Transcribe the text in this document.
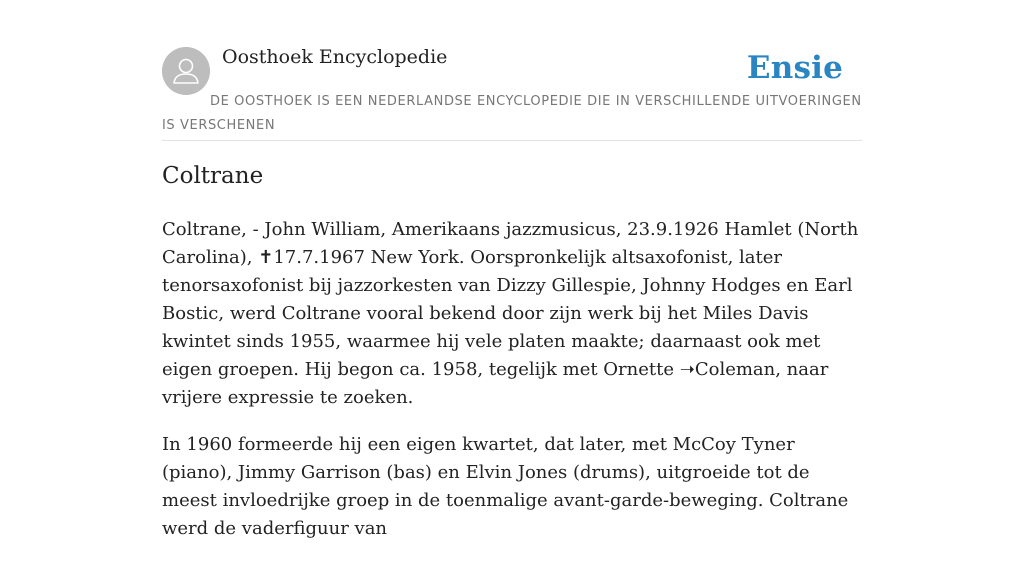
Oosthoek Encyclopedie	Ensie
DE OOSTHOEK IS EEN NEDERLANDSE ENCYCLOPEDIE DIE IN VERSCHILLENDE UITVOERINGEN IS VERSCHENEN
Coltrane

Coltrane, - John William, Amerikaans jazzmusicus, 23.9.1926 Hamlet (North Carolina), ✝17.7.1967 New York. Oorspronkelijk altsaxofonist, later tenorsaxofonist bij jazzorkesten van Dizzy Gillespie, Johnny Hodges en Earl Bostic, werd Coltrane vooral bekend door zijn werk bij het Miles Davis kwintet sinds 1955, waarmee hij vele platen maakte; daarnaast ook met eigen groepen. Hij begon ca. 1958, tegelijk met Ornette ➝Coleman, naar vrijere expressie te zoeken.

In 1960 formeerde hij een eigen kwartet, dat later, met McCoy Tyner (piano), Jimmy Garrison (bas) en Elvin Jones (drums), uitgroeide tot de meest invloedrijke groep in de toenmalige avant-garde-beweging. Coltrane werd de vaderfiguur van
